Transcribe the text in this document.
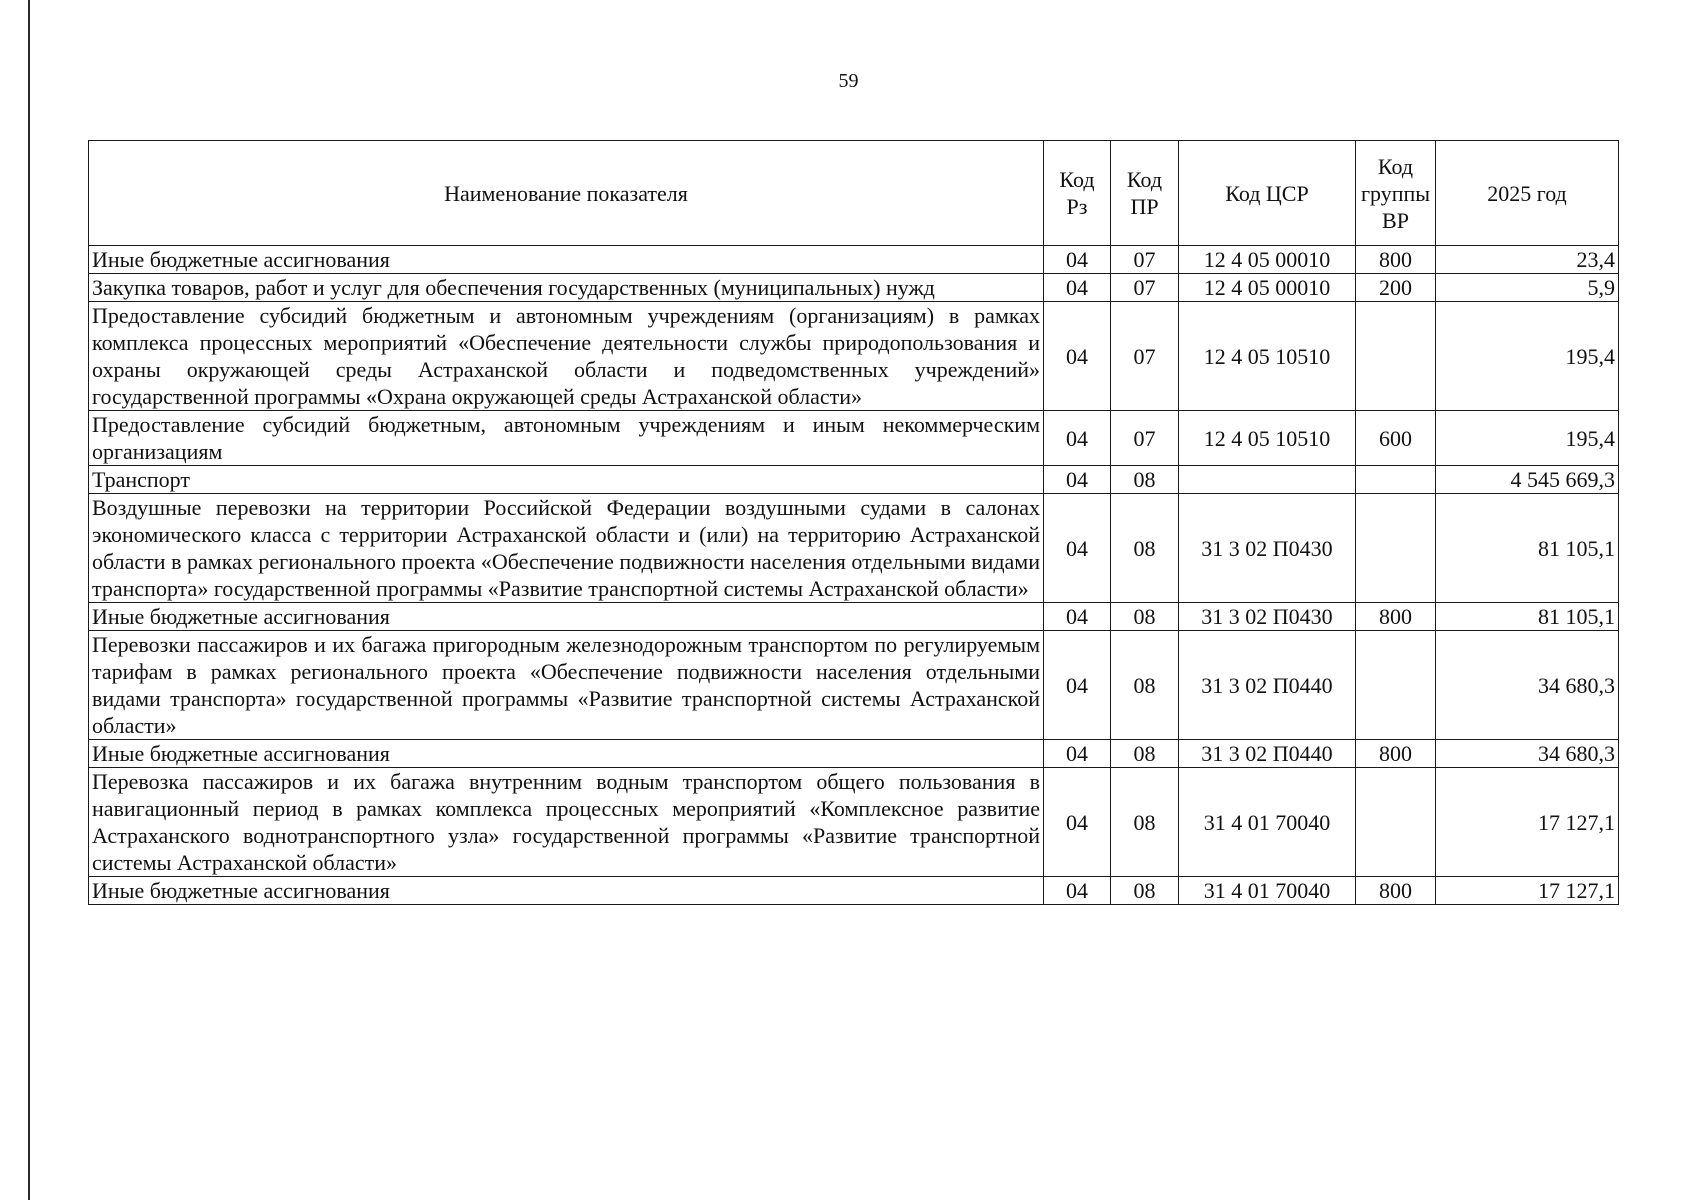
59
Наименование показателя	Код Рз	Код ПР	Код ЦСР	Код группы ВР	2025 год
Иные бюджетные ассигнования	04	07	12 4 05 00010	800	23,4
Закупка товаров, работ и услуг для обеспечения государственных (муниципальных) нужд	04	07	12 4 05 00010	200	5,9
Предоставление субсидий бюджетным и автономным учреждениям (организациям) в рамках комплекса процессных мероприятий «Обеспечение деятельности службы природопользования и охраны окружающей среды Астраханской области и подведомственных учреждений» государственной программы «Охрана окружающей среды Астраханской области»	04	07	12 4 05 10510		195,4
Предоставление субсидий бюджетным, автономным учреждениям и иным некоммерческим организациям	04	07	12 4 05 10510	600	195,4
Транспорт	04	08			4 545 669,3
Воздушные перевозки на территории Российской Федерации воздушными судами в салонах экономического класса с территории Астраханской области и (или) на территорию Астраханской области в рамках регионального проекта «Обеспечение подвижности населения отдельными видами транспорта» государственной программы «Развитие транспортной системы Астраханской области»	04	08	31 3 02 П0430		81 105,1
Иные бюджетные ассигнования	04	08	31 3 02 П0430	800	81 105,1
Перевозки пассажиров и их багажа пригородным железнодорожным транспортом по регулируемым тарифам в рамках регионального проекта «Обеспечение подвижности населения отдельными видами транспорта» государственной программы «Развитие транспортной системы Астраханской области»	04	08	31 3 02 П0440		34 680,3
Иные бюджетные ассигнования	04	08	31 3 02 П0440	800	34 680,3
Перевозка пассажиров и их багажа внутренним водным транспортом общего пользования в навигационный период в рамках комплекса процессных мероприятий «Комплексное развитие Астраханского воднотранспортного узла» государственной программы «Развитие транспортной системы Астраханской области»	04	08	31 4 01 70040		17 127,1
Иные бюджетные ассигнования	04	08	31 4 01 70040	800	17 127,1
